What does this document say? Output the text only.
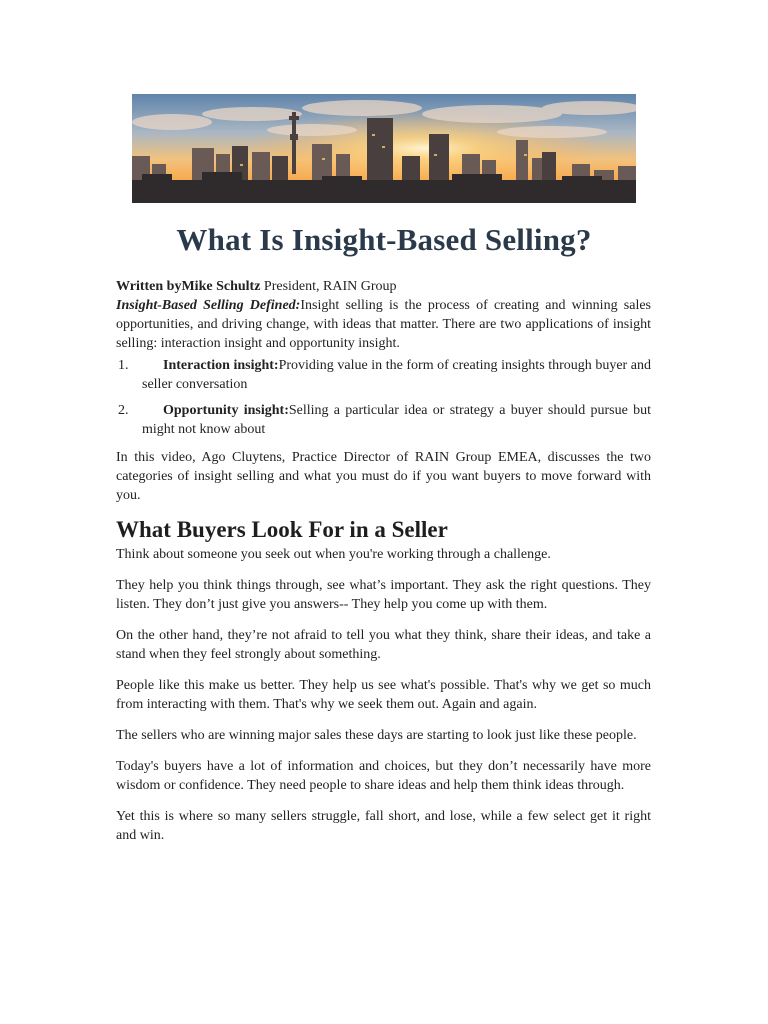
What Is Insight-Based Selling?

Written byMike Schultz President, RAIN Group

Insight-Based Selling Defined:Insight selling is the process of creating and winning sales opportunities, and driving change, with ideas that matter. There are two applications of insight selling: interaction insight and opportunity insight.

1.	Interaction insight:Providing value in the form of creating insights through buyer and seller conversation
2.	Opportunity insight:Selling a particular idea or strategy a buyer should pursue but might not know about

In this video, Ago Cluytens, Practice Director of RAIN Group EMEA, discusses the two categories of insight selling and what you must do if you want buyers to move forward with you.

What Buyers Look For in a Seller

Think about someone you seek out when you're working through a challenge.

They help you think things through, see what’s important. They ask the right questions. They listen. They don’t just give you answers-- They help you come up with them.

On the other hand, they’re not afraid to tell you what they think, share their ideas, and take a stand when they feel strongly about something.

People like this make us better. They help us see what's possible. That's why we get so much from interacting with them. That's why we seek them out. Again and again.

The sellers who are winning major sales these days are starting to look just like these people.

Today's buyers have a lot of information and choices, but they don’t necessarily have more wisdom or confidence. They need people to share ideas and help them think ideas through.

Yet this is where so many sellers struggle, fall short, and lose, while a few select get it right and win.
